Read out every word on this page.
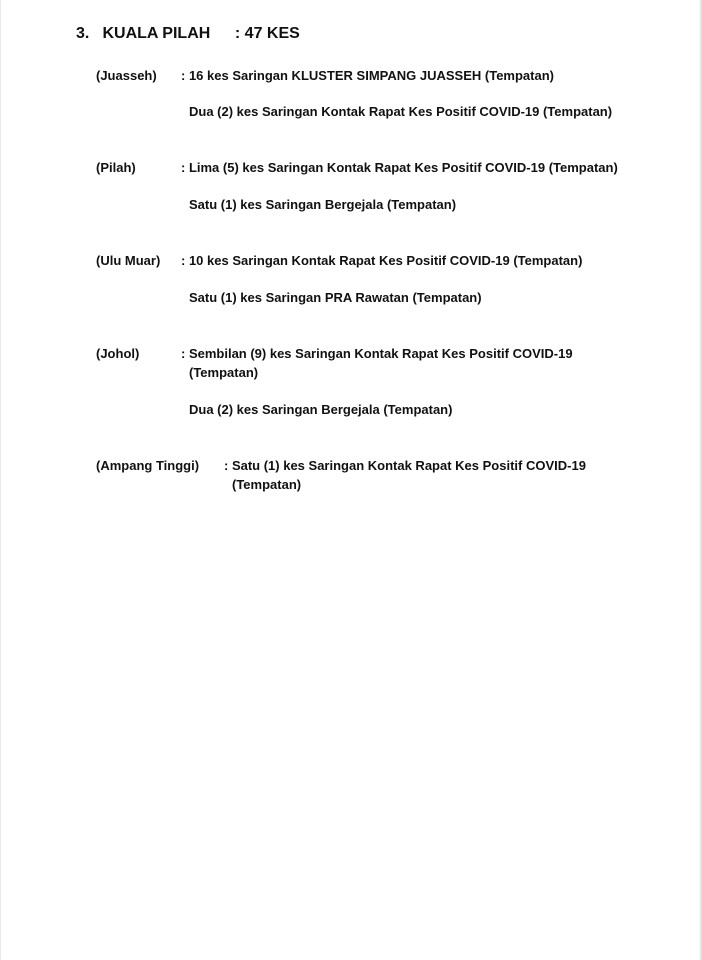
3. KUALA PILAH : 47 KES
(Juasseh) : 16 kes Saringan KLUSTER SIMPANG JUASSEH (Tempatan)
Dua (2) kes Saringan Kontak Rapat Kes Positif COVID-19 (Tempatan)
(Pilah)	: Lima (5) kes Saringan Kontak Rapat Kes Positif COVID-19 (Tempatan)
Satu (1) kes Saringan Bergejala (Tempatan)
(Ulu Muar) : 10 kes Saringan Kontak Rapat Kes Positif COVID-19 (Tempatan)
Satu (1) kes Saringan PRA Rawatan (Tempatan)
(Johol)	: Sembilan (9) kes Saringan Kontak Rapat Kes Positif COVID-19
(Tempatan)
Dua (2) kes Saringan Bergejala (Tempatan)
(Ampang Tinggi) : Satu (1) kes Saringan Kontak Rapat Kes Positif COVID-19
(Tempatan)
